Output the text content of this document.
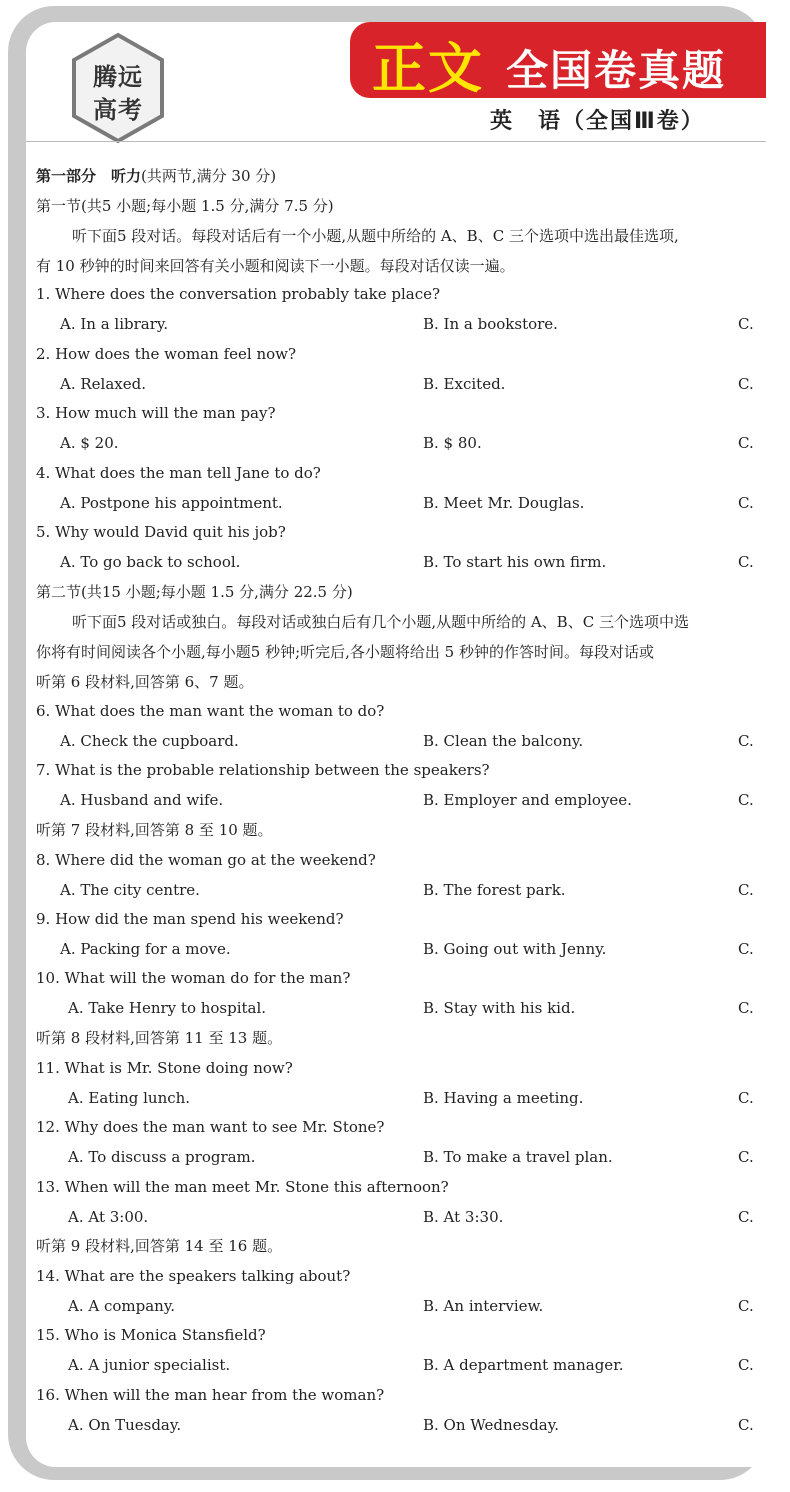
腾远
高考
正文 全国卷真题
英　语（全国Ⅲ卷）
第一部分　听力(共两节,满分 30 分)
第一节(共5 小题;每小题 1.5 分,满分 7.5 分)
听下面5 段对话。每段对话后有一个小题,从题中所给的 A、B、C 三个选项中选出最佳选项,
有 10 秒钟的时间来回答有关小题和阅读下一小题。每段对话仅读一遍。
第二节(共15 小题;每小题 1.5 分,满分 22.5 分)
听下面5 段对话或独白。每段对话或独白后有几个小题,从题中所给的 A、B、C 三个选项中选
你将有时间阅读各个小题,每小题5 秒钟;听完后,各小题将给出 5 秒钟的作答时间。每段对话或
听第 6 段材料,回答第 6、7 题。
听第 7 段材料,回答第 8 至 10 题。
听第 8 段材料,回答第 11 至 13 题。
听第 9 段材料,回答第 14 至 16 题。
1. Where does the conversation probably take place?
A. In a library.	B. In a bookstore.	C.
2. How does the woman feel now?
A. Relaxed.	B. Excited.	C.
3. How much will the man pay?
A. $ 20.	B. $ 80.	C.
4. What does the man tell Jane to do?
A. Postpone his appointment.	B. Meet Mr. Douglas.	C.
5. Why would David quit his job?
A. To go back to school.	B. To start his own firm.	C.
6. What does the man want the woman to do?
A. Check the cupboard.	B. Clean the balcony.	C.
7. What is the probable relationship between the speakers?
A. Husband and wife.	B. Employer and employee.	C.
8. Where did the woman go at the weekend?
A. The city centre.	B. The forest park.	C.
9. How did the man spend his weekend?
A. Packing for a move.	B. Going out with Jenny.	C.
10. What will the woman do for the man?
A. Take Henry to hospital.	B. Stay with his kid.	C.
11. What is Mr. Stone doing now?
A. Eating lunch.	B. Having a meeting.	C.
12. Why does the man want to see Mr. Stone?
A. To discuss a program.	B. To make a travel plan.	C.
13. When will the man meet Mr. Stone this afternoon?
A. At 3:00.	B. At 3:30.	C.
14. What are the speakers talking about?
A. A company.	B. An interview.	C.
15. Who is Monica Stansfield?
A. A junior specialist.	B. A department manager.	C.
16. When will the man hear from the woman?
A. On Tuesday.	B. On Wednesday.	C.
